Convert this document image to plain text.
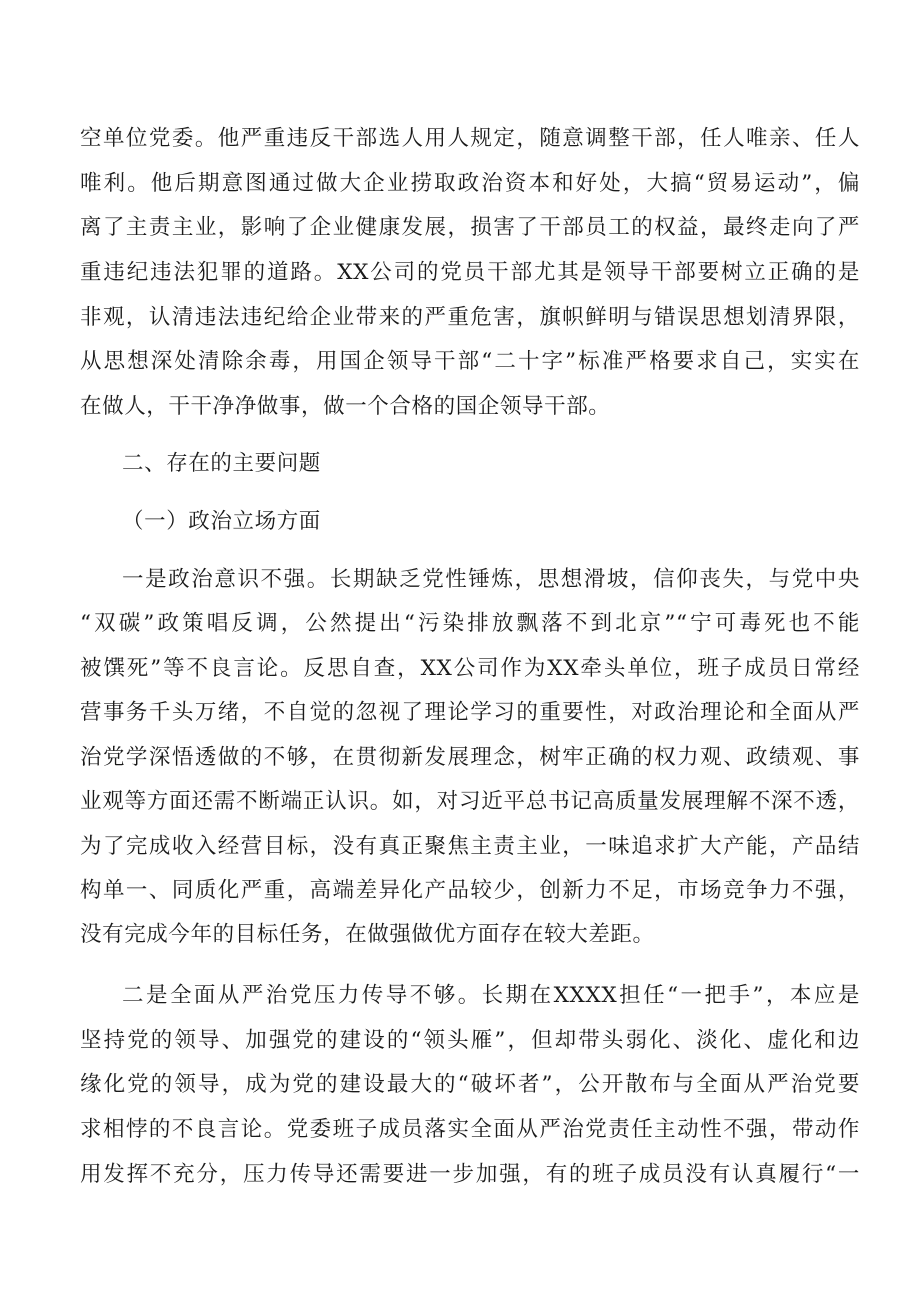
空单位党委。他严重违反干部选人用人规定，随意调整干部，任人唯亲、任人
唯利。他后期意图通过做大企业捞取政治资本和好处，大搞“贸易运动”，偏
离了主责主业，影响了企业健康发展，损害了干部员工的权益，最终走向了严
重违纪违法犯罪的道路。XX公司的党员干部尤其是领导干部要树立正确的是
非观，认清违法违纪给企业带来的严重危害，旗帜鲜明与错误思想划清界限，
从思想深处清除余毒，用国企领导干部“二十字”标准严格要求自己，实实在
在做人，干干净净做事，做一个合格的国企领导干部。
二、存在的主要问题
（一）政治立场方面
一是政治意识不强。长期缺乏党性锤炼，思想滑坡，信仰丧失，与党中央
“双碳”政策唱反调，公然提出“污染排放飘落不到北京”“宁可毒死也不能
被馔死”等不良言论。反思自查，XX公司作为XX牵头单位，班子成员日常经
营事务千头万绪，不自觉的忽视了理论学习的重要性，对政治理论和全面从严
治党学深悟透做的不够，在贯彻新发展理念，树牢正确的权力观、政绩观、事
业观等方面还需不断端正认识。如，对习近平总书记高质量发展理解不深不透，
为了完成收入经营目标，没有真正聚焦主责主业，一味追求扩大产能，产品结
构单一、同质化严重，高端差异化产品较少，创新力不足，市场竞争力不强，
没有完成今年的目标任务，在做强做优方面存在较大差距。
二是全面从严治党压力传导不够。长期在XXXX担任“一把手”，本应是
坚持党的领导、加强党的建设的“领头雁”，但却带头弱化、淡化、虚化和边
缘化党的领导，成为党的建设最大的“破坏者”，公开散布与全面从严治党要
求相悖的不良言论。党委班子成员落实全面从严治党责任主动性不强，带动作
用发挥不充分，压力传导还需要进一步加强，有的班子成员没有认真履行“一
